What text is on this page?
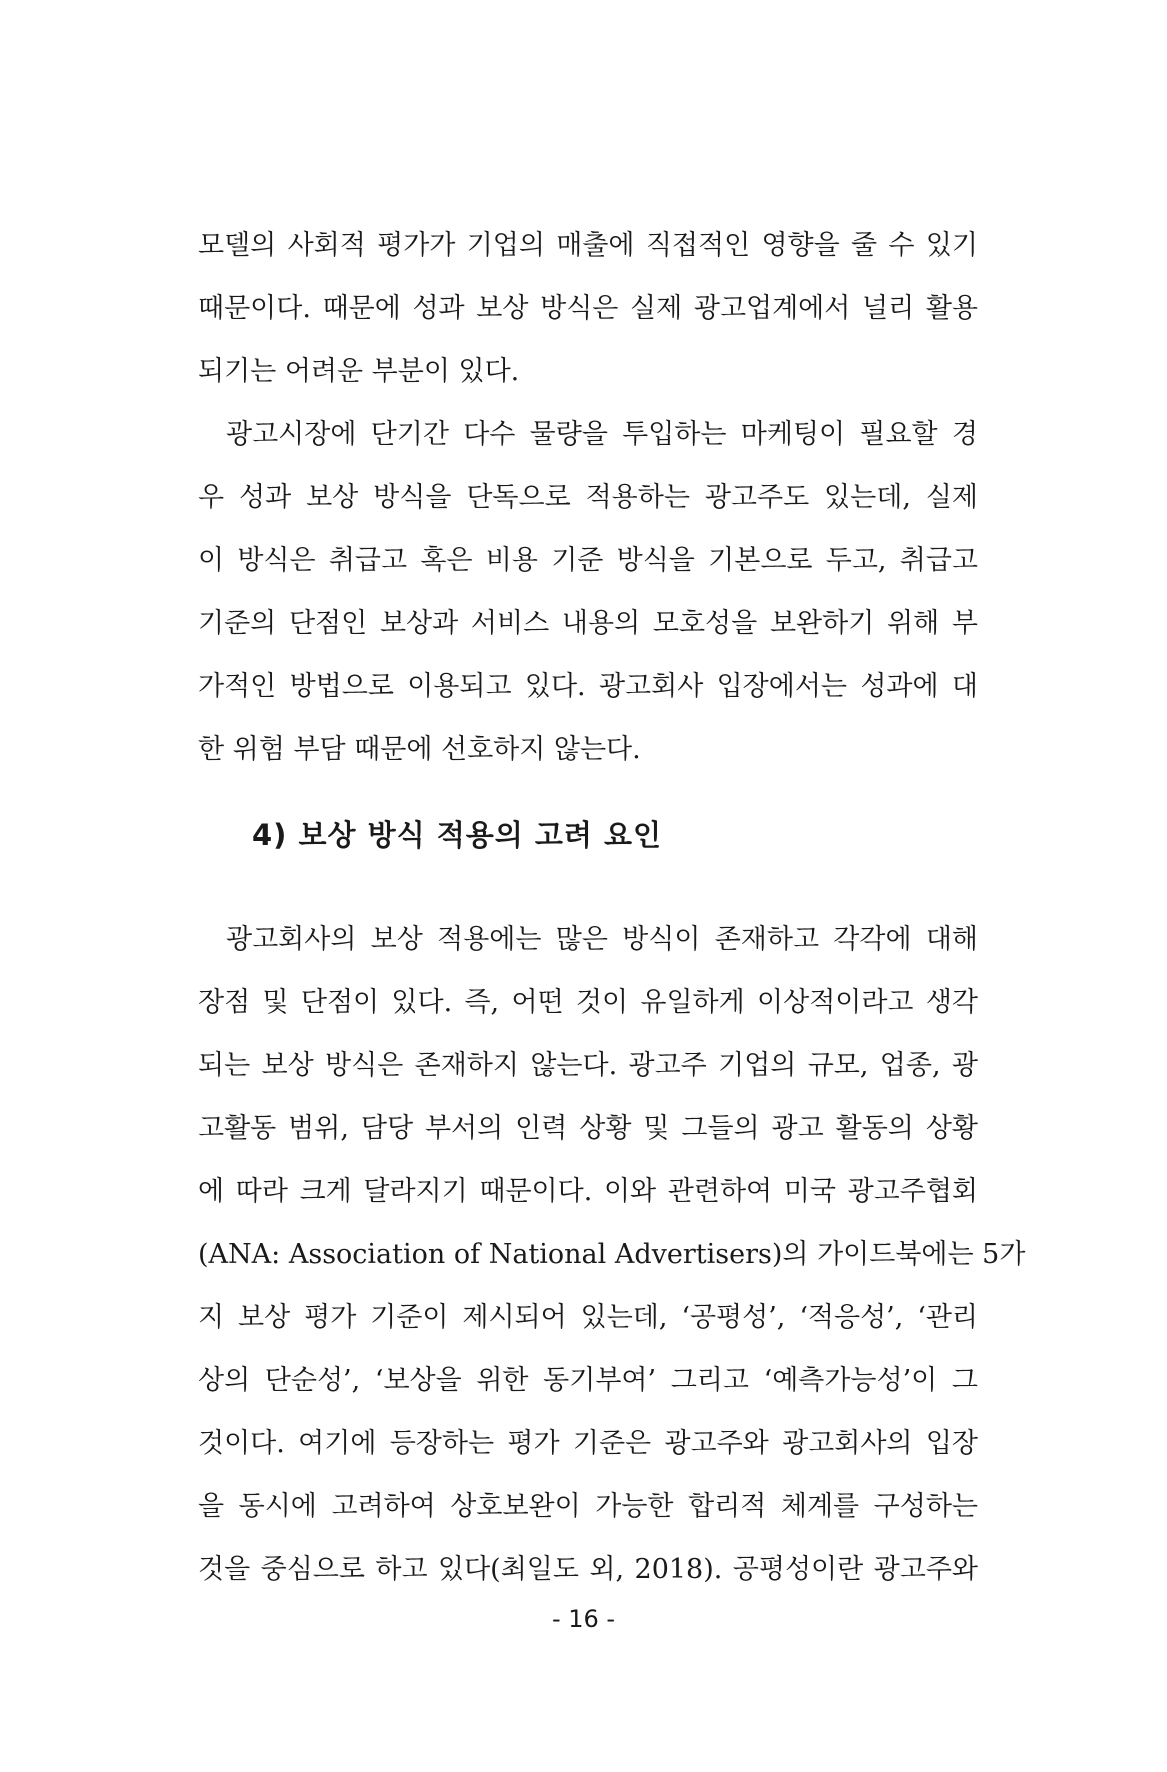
모델의 사회적 평가가 기업의 매출에 직접적인 영향을 줄 수 있기
때문이다. 때문에 성과 보상 방식은 실제 광고업계에서 널리 활용
되기는 어려운 부분이 있다.
광고시장에 단기간 다수 물량을 투입하는 마케팅이 필요할 경
우 성과 보상 방식을 단독으로 적용하는 광고주도 있는데, 실제
이 방식은 취급고 혹은 비용 기준 방식을 기본으로 두고, 취급고
기준의 단점인 보상과 서비스 내용의 모호성을 보완하기 위해 부
가적인 방법으로 이용되고 있다. 광고회사 입장에서는 성과에 대
한 위험 부담 때문에 선호하지 않는다.
4) 보상 방식 적용의 고려 요인
광고회사의 보상 적용에는 많은 방식이 존재하고 각각에 대해
장점 및 단점이 있다. 즉, 어떤 것이 유일하게 이상적이라고 생각
되는 보상 방식은 존재하지 않는다. 광고주 기업의 규모, 업종, 광
고활동 범위, 담당 부서의 인력 상황 및 그들의 광고 활동의 상황
에 따라 크게 달라지기 때문이다. 이와 관련하여 미국 광고주협회
(ANA: Association of National Advertisers)의 가이드북에는 5가
지 보상 평가 기준이 제시되어 있는데, ‘공평성’, ‘적응성’, ‘관리
상의 단순성’, ‘보상을 위한 동기부여’ 그리고 ‘예측가능성’이 그
것이다. 여기에 등장하는 평가 기준은 광고주와 광고회사의 입장
을 동시에 고려하여 상호보완이 가능한 합리적 체계를 구성하는
것을 중심으로 하고 있다(최일도 외, 2018). 공평성이란 광고주와
- 16 -
